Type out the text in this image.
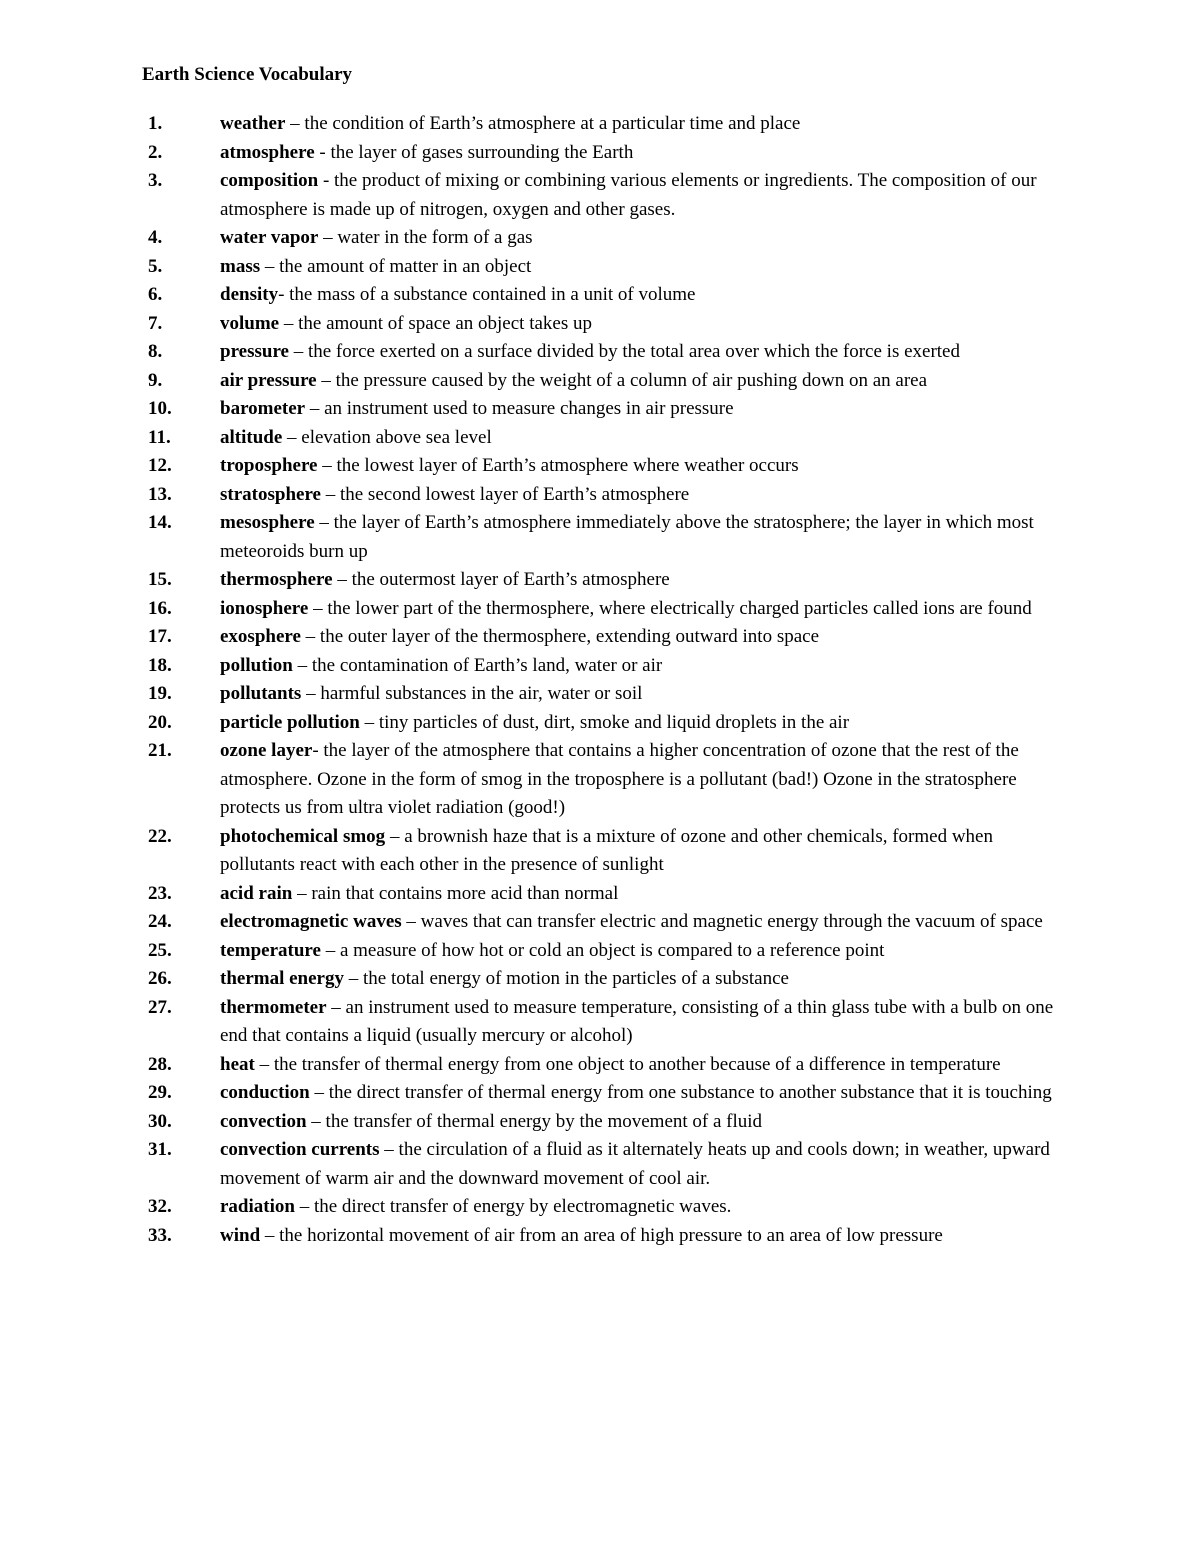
Earth Science Vocabulary
1.	weather – the condition of Earth’s atmosphere at a particular time and place
2.	atmosphere - the layer of gases surrounding the Earth
3.	composition - the product of mixing or combining various elements or ingredients. The composition of our atmosphere is made up of nitrogen, oxygen and other gases.
4.	water vapor – water in the form of a gas
5.	mass – the amount of matter in an object
6.	density- the mass of a substance contained in a unit of volume
7.	volume – the amount of space an object takes up
8.	pressure – the force exerted on a surface divided by the total area over which the force is exerted
9.	air pressure – the pressure caused by the weight of a column of air pushing down on an area
10.	barometer – an instrument used to measure changes in air pressure
11.	altitude – elevation above sea level
12.	troposphere – the lowest layer of Earth’s atmosphere where weather occurs
13.	stratosphere – the second lowest layer of Earth’s atmosphere
14.	mesosphere – the layer of Earth’s atmosphere immediately above the stratosphere; the layer in which most meteoroids burn up
15.	thermosphere – the outermost layer of Earth’s atmosphere
16.	ionosphere – the lower part of the thermosphere, where electrically charged particles called ions are found
17.	exosphere – the outer layer of the thermosphere, extending outward into space
18.	pollution – the contamination of Earth’s land, water or air
19.	pollutants – harmful substances in the air, water or soil
20.	particle pollution – tiny particles of dust, dirt, smoke and liquid droplets in the air
21.	ozone layer- the layer of the atmosphere that contains a higher concentration of ozone that the rest of the atmosphere. Ozone in the form of smog in the troposphere is a pollutant (bad!) Ozone in the stratosphere protects us from ultra violet radiation (good!)
22.	photochemical smog – a brownish haze that is a mixture of ozone and other chemicals, formed when pollutants react with each other in the presence of sunlight
23.	acid rain – rain that contains more acid than normal
24.	electromagnetic waves – waves that can transfer electric and magnetic energy through the vacuum of space
25.	temperature – a measure of how hot or cold an object is compared to a reference point
26.	thermal energy – the total energy of motion in the particles of a substance
27.	thermometer – an instrument used to measure temperature, consisting of a thin glass tube with a bulb on one end that contains a liquid (usually mercury or alcohol)
28.	heat – the transfer of thermal energy from one object to another because of a difference in temperature
29.	conduction – the direct transfer of thermal energy from one substance to another substance that it is touching
30.	convection – the transfer of thermal energy by the movement of a fluid
31.	convection currents – the circulation of a fluid as it alternately heats up and cools down; in weather, upward movement of warm air and the downward movement of cool air.
32.	radiation – the direct transfer of energy by electromagnetic waves.
33.	wind – the horizontal movement of air from an area of high pressure to an area of low pressure
